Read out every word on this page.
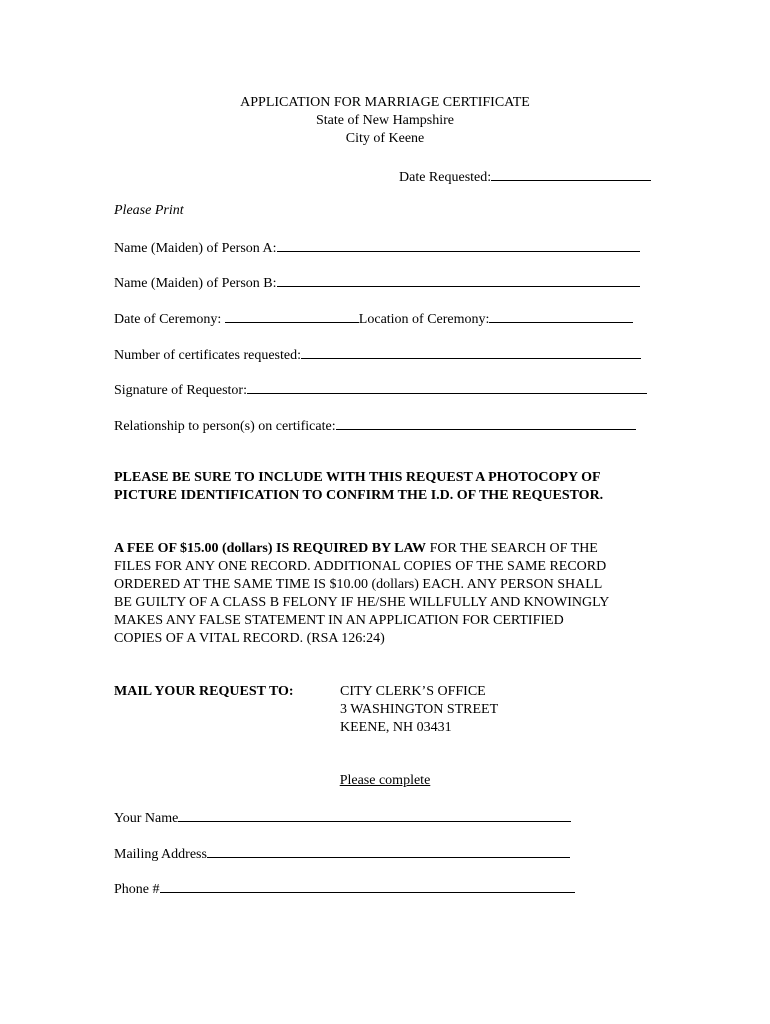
APPLICATION FOR MARRIAGE CERTIFICATE
State of New Hampshire
City of Keene
Date Requested:
Please Print
Name (Maiden) of Person A:
Name (Maiden) of Person B:
Date of Ceremony:	Location of Ceremony:
Number of certificates requested:
Signature of Requestor:
Relationship to person(s) on certificate:
PLEASE BE SURE TO INCLUDE WITH THIS REQUEST A PHOTOCOPY OF
PICTURE IDENTIFICATION TO CONFIRM THE I.D. OF THE REQUESTOR.
A FEE OF $15.00 (dollars) IS REQUIRED BY LAW FOR THE SEARCH OF THE
FILES FOR ANY ONE RECORD. ADDITIONAL COPIES OF THE SAME RECORD
ORDERED AT THE SAME TIME IS $10.00 (dollars) EACH. ANY PERSON SHALL
BE GUILTY OF A CLASS B FELONY IF HE/SHE WILLFULLY AND KNOWINGLY
MAKES ANY FALSE STATEMENT IN AN APPLICATION FOR CERTIFIED
COPIES OF A VITAL RECORD. (RSA 126:24)
MAIL YOUR REQUEST TO:	CITY CLERK’S OFFICE
3 WASHINGTON STREET
KEENE, NH 03431
Please complete
Your Name
Mailing Address
Phone #
